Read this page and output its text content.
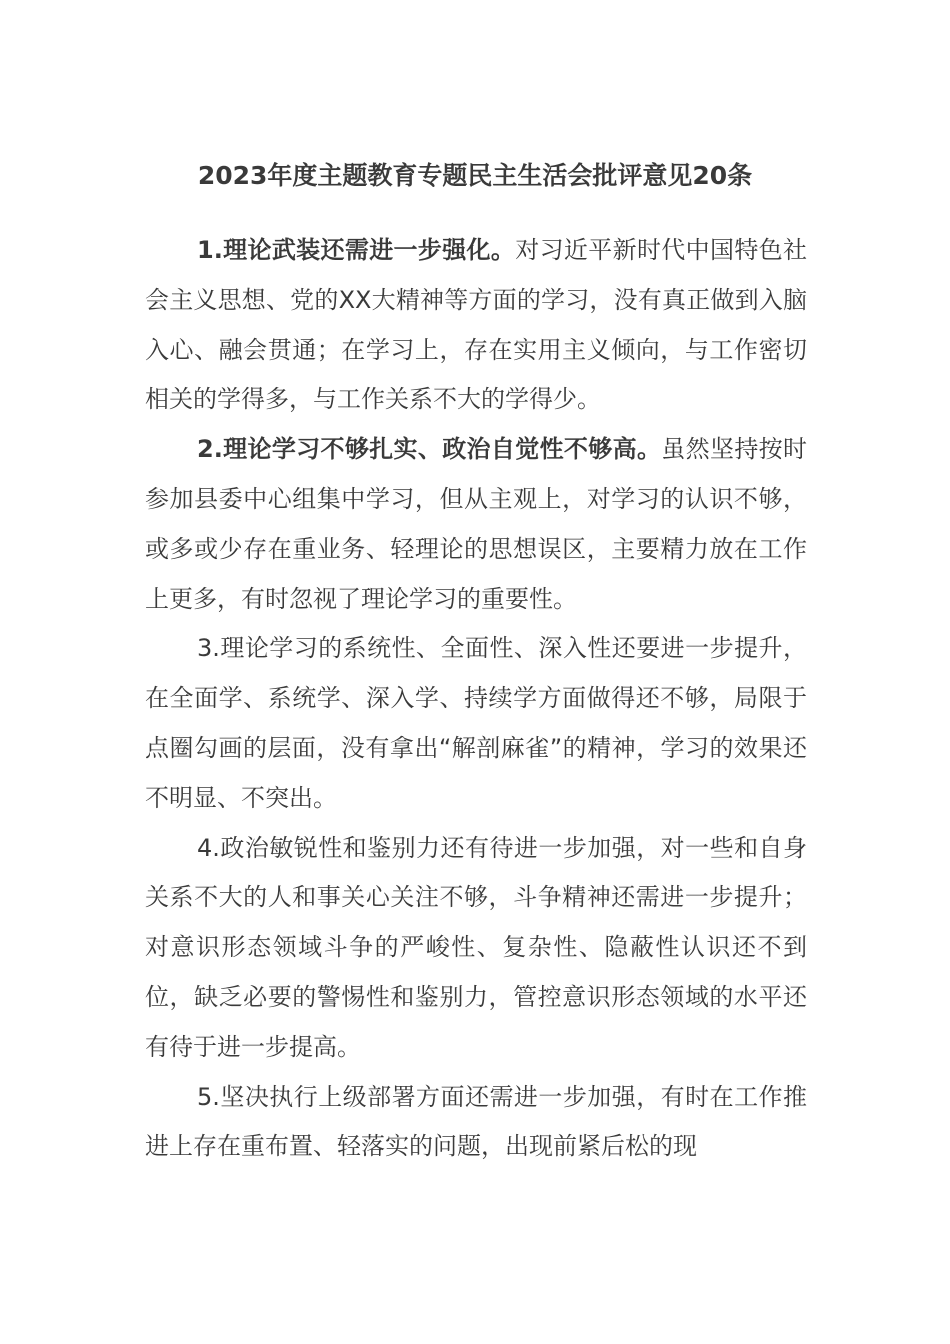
2023年度主题教育专题民主生活会批评意见20条

1.理论武装还需进一步强化。对习近平新时代中国特色社会主义思想、党的XX大精神等方面的学习，没有真正做到入脑入心、融会贯通；在学习上，存在实用主义倾向，与工作密切相关的学得多，与工作关系不大的学得少。

2.理论学习不够扎实、政治自觉性不够高。虽然坚持按时参加县委中心组集中学习，但从主观上，对学习的认识不够，或多或少存在重业务、轻理论的思想误区，主要精力放在工作上更多，有时忽视了理论学习的重要性。

3.理论学习的系统性、全面性、深入性还要进一步提升，在全面学、系统学、深入学、持续学方面做得还不够，局限于点圈勾画的层面，没有拿出“解剖麻雀”的精神，学习的效果还不明显、不突出。

4.政治敏锐性和鉴别力还有待进一步加强，对一些和自身关系不大的人和事关心关注不够，斗争精神还需进一步提升；对意识形态领域斗争的严峻性、复杂性、隐蔽性认识还不到位，缺乏必要的警惕性和鉴别力，管控意识形态领域的水平还有待于进一步提高。

5.坚决执行上级部署方面还需进一步加强，有时在工作推进上存在重布置、轻落实的问题，出现前紧后松的现
